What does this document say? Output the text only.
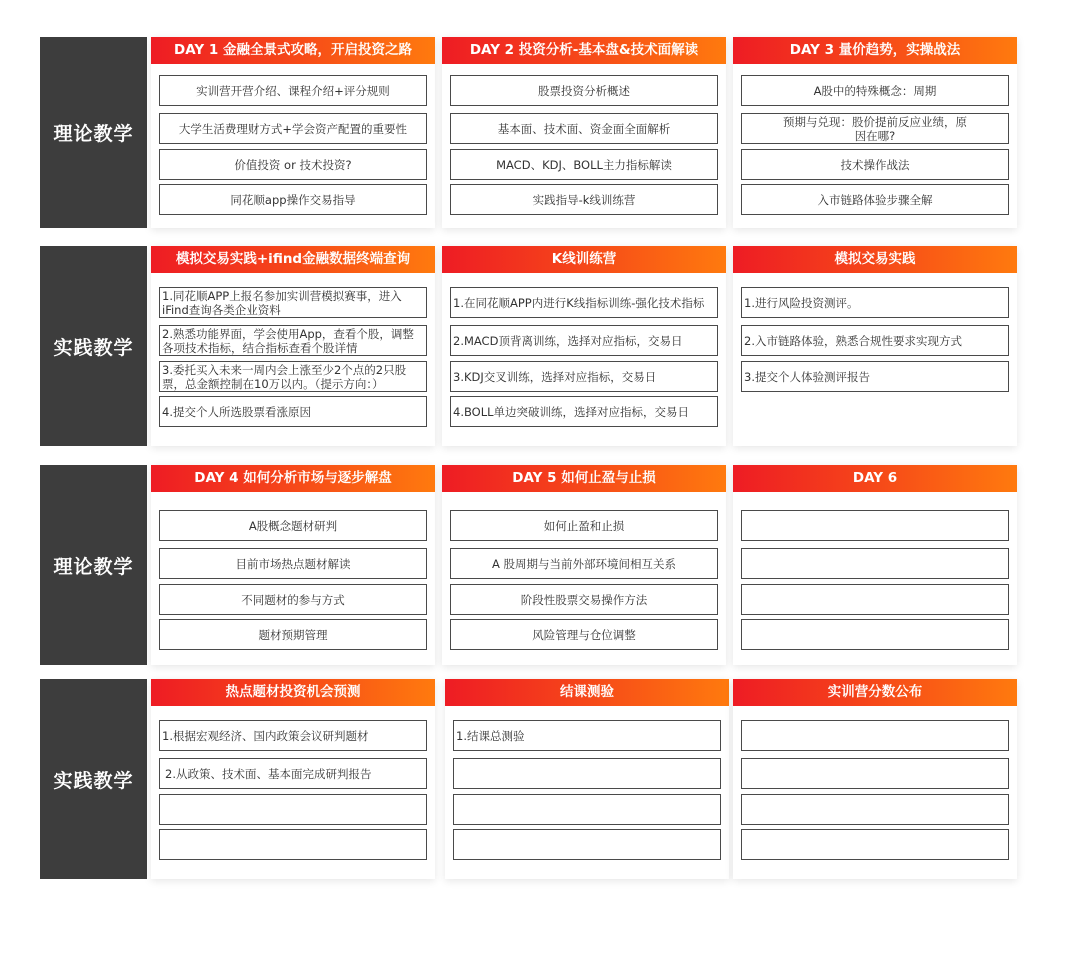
理论教学
DAY 1 金融全景式攻略，开启投资之路
实训营开营介绍、课程介绍+评分规则
大学生活费理财方式+学会资产配置的重要性
价值投资 or 技术投资?
同花顺app操作交易指导
DAY 2 投资分析-基本盘&技术面解读
股票投资分析概述
基本面、技术面、资金面全面解析
MACD、KDJ、BOLL主力指标解读
实践指导-k线训练营
DAY 3 量价趋势，实操战法
A股中的特殊概念：周期
预期与兑现：股价提前反应业绩，原因在哪?
技术操作战法
入市链路体验步骤全解
实践教学
模拟交易实践+ifind金融数据终端查询
1.同花顺APP上报名参加实训营模拟赛事，进入iFind查询各类企业资料
2.熟悉功能界面，学会使用App，查看个股，调整各项技术指标，结合指标查看个股详情
3.委托买入未来一周内会上涨至少2个点的2只股票，总金额控制在10万以内。（提示方向：）
4.提交个人所选股票看涨原因
K线训练营
1.在同花顺APP内进行K线指标训练-强化技术指标
2.MACD顶背离训练，选择对应指标，交易日
3.KDJ交叉训练，选择对应指标，交易日
4.BOLL单边突破训练，选择对应指标，交易日
模拟交易实践
1.进行风险投资测评。
2.入市链路体验，熟悉合规性要求实现方式
3.提交个人体验测评报告
理论教学
DAY 4 如何分析市场与逐步解盘
A股概念题材研判
目前市场热点题材解读
不同题材的参与方式
题材预期管理
DAY 5 如何止盈与止损
如何止盈和止损
A 股周期与当前外部环境间相互关系
阶段性股票交易操作方法
风险管理与仓位调整
DAY 6
实践教学
热点题材投资机会预测
1.根据宏观经济、国内政策会议研判题材
2.从政策、技术面、基本面完成研判报告
结课测验
1.结课总测验
实训营分数公布
